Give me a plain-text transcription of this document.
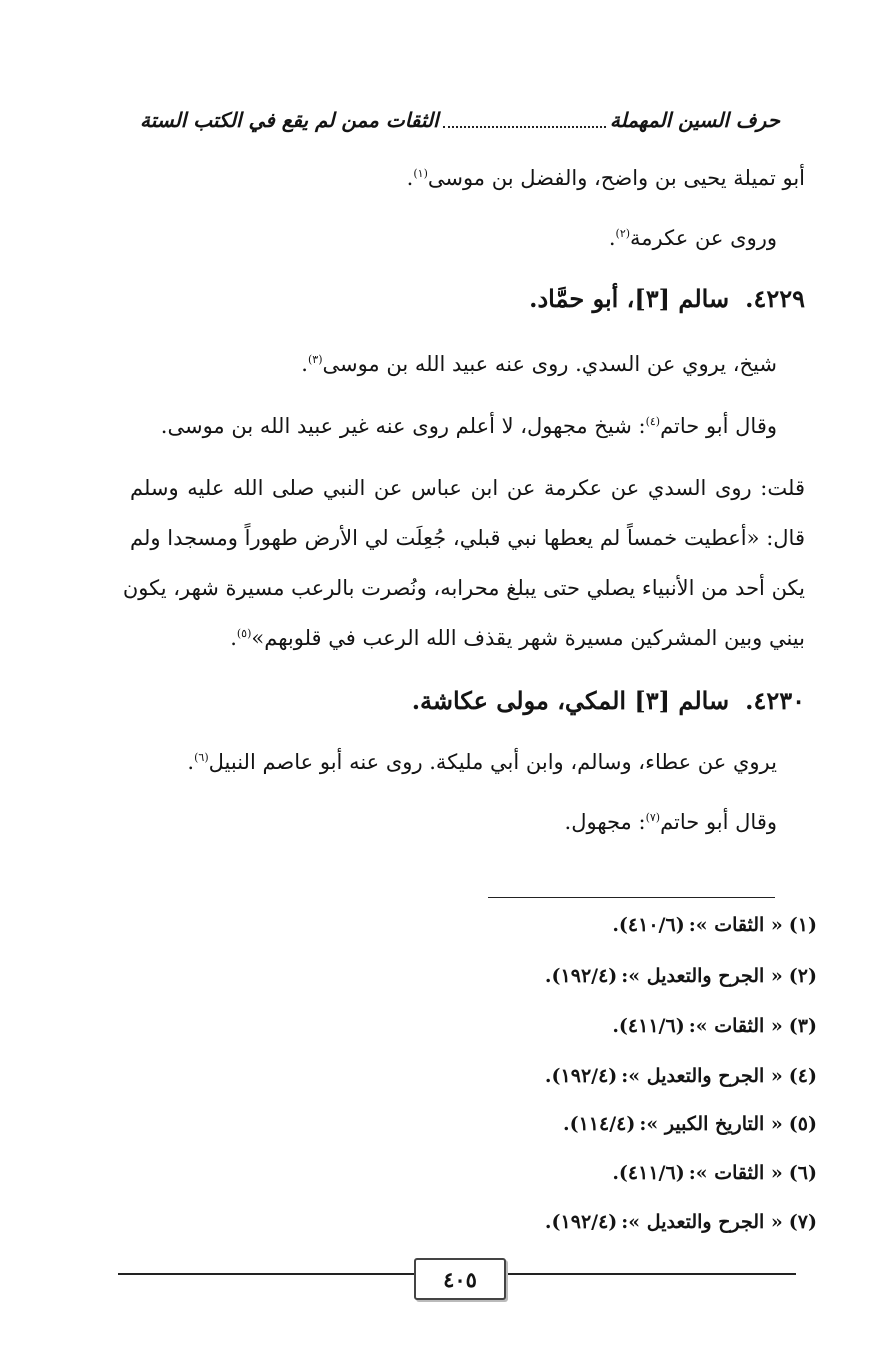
حرف السين المهملة
الثقات ممن لم يقع في الكتب الستة
أبو تميلة يحيى بن واضح، والفضل بن موسى$^{(١)}$.
وروى عن عكرمة$^{(٢)}$.
٤٢٢٩.سالم [٣]، أبو حمَّاد.
شيخ، يروي عن السدي. روى عنه عبيد الله بن موسى$^{(٣)}$.
وقال أبو حاتم$^{(٤)}$: شيخ مجهول، لا أعلم روى عنه غير عبيد الله بن موسى.
قلت: روى السدي عن عكرمة عن ابن عباس عن النبي صلى الله عليه وسلم
قال: «أعطيت خمساً لم يعطها نبي قبلي، جُعِلَت لي الأرض طهوراً ومسجدا ولم
يكن أحد من الأنبياء يصلي حتى يبلغ محرابه، ونُصرت بالرعب مسيرة شهر، يكون
بيني وبين المشركين مسيرة شهر يقذف الله الرعب في قلوبهم»$^{(٥)}$.
٤٢٣٠.سالم [٣] المكي، مولى عكاشة.
يروي عن عطاء، وسالم، وابن أبي مليكة. روى عنه أبو عاصم النبيل$^{(٦)}$.
وقال أبو حاتم$^{(٧)}$: مجهول.
(١)« الثقات »:(٤١٠/٦).
(٢)« الجرح والتعديل »:(١٩٢/٤).
(٣)« الثقات »:(٤١١/٦).
(٤)« الجرح والتعديل »:(١٩٢/٤).
(٥)« التاريخ الكبير »:(١١٤/٤).
(٦)« الثقات »:(٤١١/٦).
(٧)« الجرح والتعديل »:(١٩٢/٤).
٤٠٥
